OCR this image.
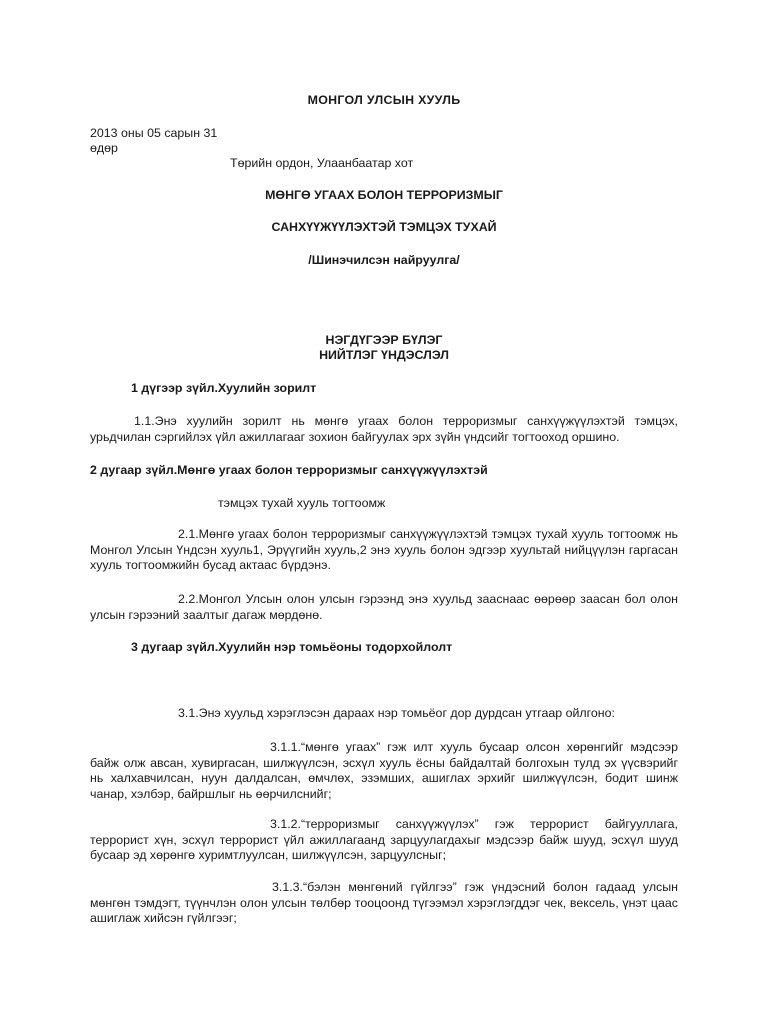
МОНГОЛ УЛСЫН ХУУЛЬ

2013 оны 05 сарын 31

өдөр

Төрийн ордон, Улаанбаатар хот

МӨНГӨ УГААХ БОЛОН ТЕРРОРИЗМЫГ

САНХҮҮЖҮҮЛЭХТЭЙ ТЭМЦЭХ ТУХАЙ

/Шинэчилсэн найруулга/

НЭГДҮГЭЭР БҮЛЭГ

НИЙТЛЭГ ҮНДЭСЛЭЛ

1 дүгээр зүйл.Хуулийн зорилт

1.1.Энэ хуулийн зорилт нь мөнгө угаах болон терроризмыг санхүүжүүлэхтэй тэмцэх, урьдчилан сэргийлэх үйл ажиллагааг зохион байгуулах эрх зүйн үндсийг тогтооход оршино.

2 дугаар зүйл.Мөнгө угаах болон терроризмыг санхүүжүүлэхтэй

тэмцэх тухай хууль тогтоомж

2.1.Мөнгө угаах болон терроризмыг санхүүжүүлэхтэй тэмцэх тухай хууль тогтоомж нь Монгол Улсын Үндсэн хууль1, Эрүүгийн хууль,2 энэ хууль болон эдгээр хуультай нийцүүлэн гаргасан хууль тогтоомжийн бусад актаас бүрдэнэ.

2.2.Монгол Улсын олон улсын гэрээнд энэ хуульд зааснаас өөрөөр заасан бол олон улсын гэрээний заалтыг дагаж мөрдөнө.

3 дугаар зүйл.Хуулийн нэр томьёоны тодорхойлолт

3.1.Энэ хуульд хэрэглэсэн дараах нэр томьёог дор дурдсан утгаар ойлгоно:

3.1.1.“мөнгө угаах” гэж илт хууль бусаар олсон хөрөнгийг мэдсээр байж олж авсан, хувиргасан, шилжүүлсэн, эсхүл хууль ёсны байдалтай болгохын тулд эх үүсвэрийг нь халхавчилсан, нуун далдалсан, өмчлөх, эзэмших, ашиглах эрхийг шилжүүлсэн, бодит шинж чанар, хэлбэр, байршлыг нь өөрчилснийг;

3.1.2.“терроризмыг санхүүжүүлэх” гэж террорист байгууллага, террорист хүн, эсхүл террорист үйл ажиллагаанд зарцуулагдахыг мэдсээр байж шууд, эсхүл шууд бусаар эд хөрөнгө хуримтлуулсан, шилжүүлсэн, зарцуулсныг;

3.1.3.“бэлэн мөнгөний гүйлгээ” гэж үндэсний болон гадаад улсын мөнгөн тэмдэгт, түүнчлэн олон улсын төлбөр тооцоонд түгээмэл хэрэглэгддэг чек, вексель, үнэт цаас ашиглаж хийсэн гүйлгээг;
